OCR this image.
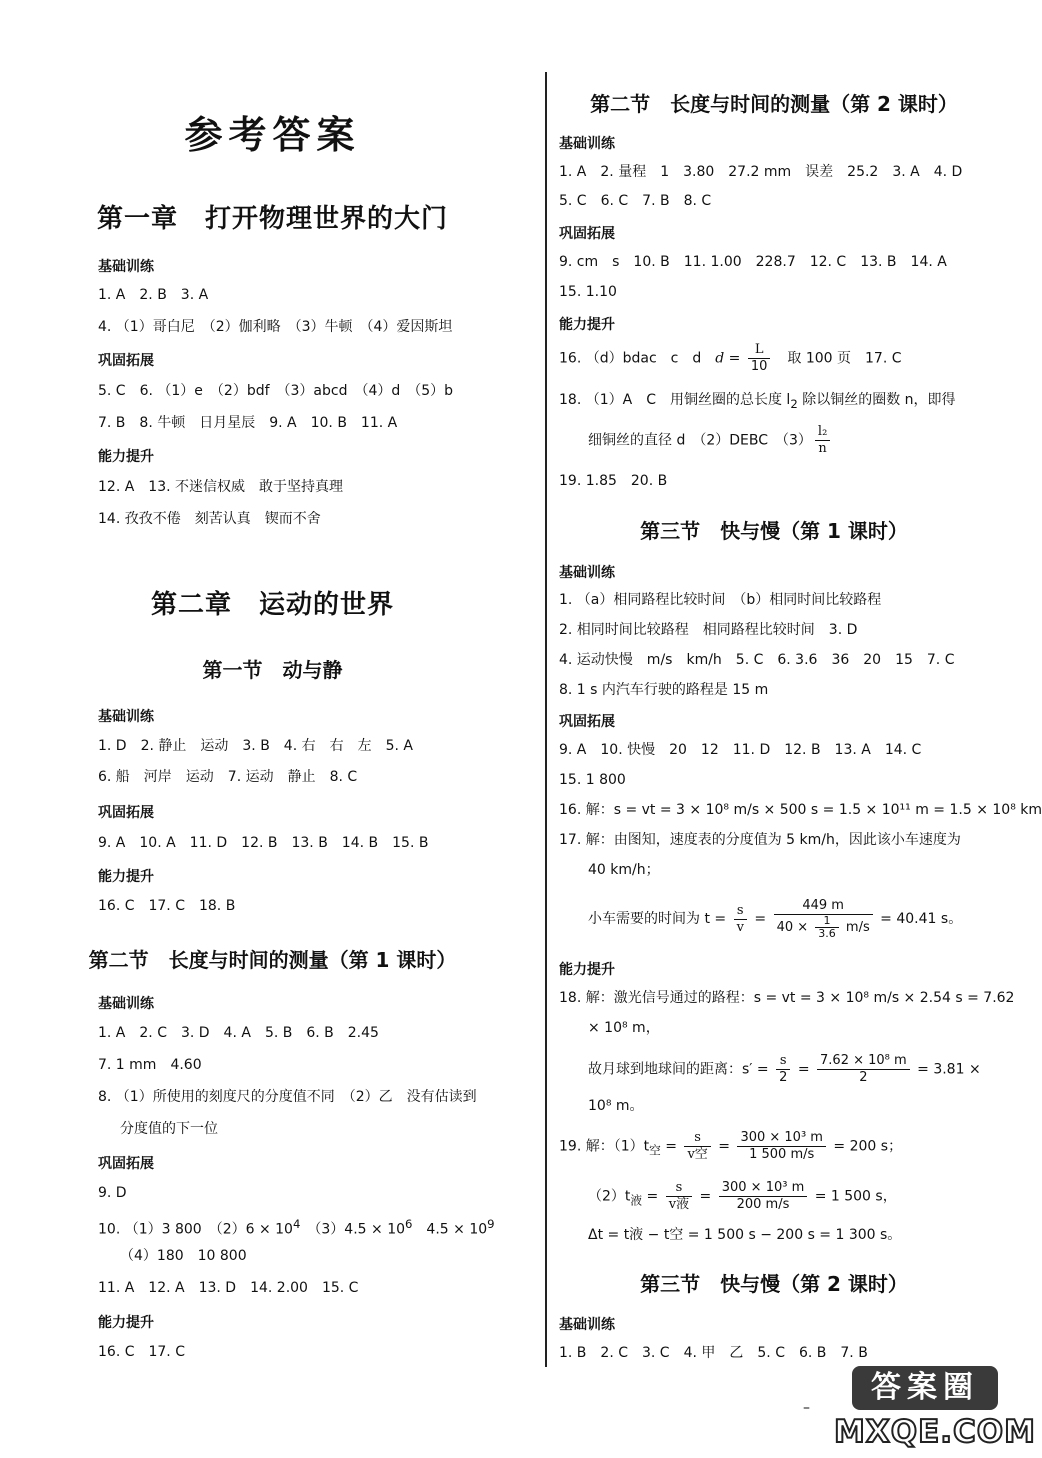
参考答案
第一章　打开物理世界的大门
基础训练
1. A　2. B　3. A
4. （1）哥白尼　（2）伽利略　（3）牛顿　（4）爱因斯坦
巩固拓展
5. C　6. （1）e　（2）bdf　（3）abcd　（4）d　（5）b
7. B　8. 牛顿　日月星辰　9. A　10. B　11. A
能力提升
12. A　13. 不迷信权威　敢于坚持真理
14. 孜孜不倦　刻苦认真　锲而不舍
第二章　运动的世界
第一节　动与静
基础训练
1. D　2. 静止　运动　3. B　4. 右　右　左　5. A
6. 船　河岸　运动　7. 运动　静止　8. C
巩固拓展
9. A　10. A　11. D　12. B　13. B　14. B　15. B
能力提升
16. C　17. C　18. B
第二节　长度与时间的测量（第 1 课时）
基础训练
1. A　2. C　3. D　4. A　5. B　6. B　2.45
7. 1 mm　4.60
8. （1）所使用的刻度尺的分度值不同　（2）乙　没有估读到
分度值的下一位
巩固拓展
9. D
10. （1）3 800　$(2)6 \times 10^4$　$(3)4.5 \times 10^6$　$4.5 \times 10^9$
（4）180　10 800
11. A　12. A　13. D　14. 2.00　15. C
能力提升
16. C　17. C
第二节　长度与时间的测量（第 2 课时）
基础训练
1. A　2. 量程　1　3.80　27.2 mm　误差　25.2　3. A　4. D
5. C　6. C　7. B　8. C
巩固拓展
9. cm　s　10. B　11. 1.00　228.7　12. C　13. B　14. A
15. 1.10
能力提升
16. （d）bdac　c　d　$d = \frac{L}{10}$ 　取 100 页　17. C
18. （1）A　C　用铜丝圈的总长度 $l_2$ 除以铜丝的圈数 n，即得
细铜丝的直径 d　（2）DEBC　$(3) \frac{\text{l₂}}{n}$
19. 1.85　20. B
第三节　快与慢（第 1 课时）
基础训练
1. （a）相同路程比较时间　（b）相同时间比较路程
2. 相同时间比较路程　相同路程比较时间　3. D
4. 运动快慢　m/s　km/h　5. C　6. 3.6　36　20　15　7. C
8. 1 s 内汽车行驶的路程是 15 m
巩固拓展
9. A　10. 快慢　20　12　11. D　12. B　13. A　14. C
15. 1 800
16. 解：s = vt = 3 × 10⁸ m/s × 500 s = 1.5 × 10¹¹ m = 1.5 × 10⁸ km
17. 解：由图知，速度表的分度值为 5 km/h，因此该小车速度为
40 km/h；
小车需要的时间为 $t = \frac{s}{v} = \frac{449 m}{40 \times \frac{1}{3.6} m/s} = 40.41$ s。
能力提升
18. 解：激光信号通过的路程：s = vt = 3 × 10⁸ m/s × 2.54 s = 7.62
× 10⁸ m，
故月球到地球间的距离：$s' = \frac{s}{2} = \frac{\text{7.62 × 10⁸ m}}{2} = 3.81$ ×
10⁸ m。
19. 解：$(1)t_空 = \frac{s}{\text{v空}} = \frac{\text{300 × 10³ m}}{1 500 m/s} = 200$ s；
$(2)t_液 = \frac{s}{\text{v液}} = \frac{\text{300 × 10³ m}}{200 m/s} = 1$ 500 s，
Δt = t液 − t空 = 1 500 s − 200 s = 1 300 s。
第三节　快与慢（第 2 课时）
基础训练
1. B　2. C　3. C　4. 甲　乙　5. C　6. B　7. B
–
答案圈
MXQE.COM
